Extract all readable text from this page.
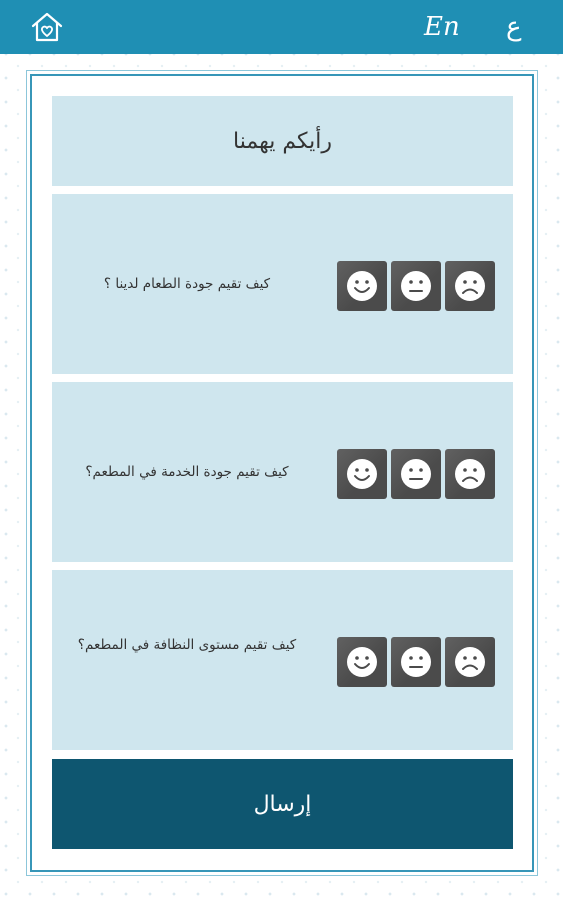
En ع
رأيكم يهمنا
كيف تقيم جودة الطعام لدينا ؟
كيف تقيم جودة الخدمة في المطعم؟
كيف تقيم مستوى النظافة في المطعم؟
إرسال
